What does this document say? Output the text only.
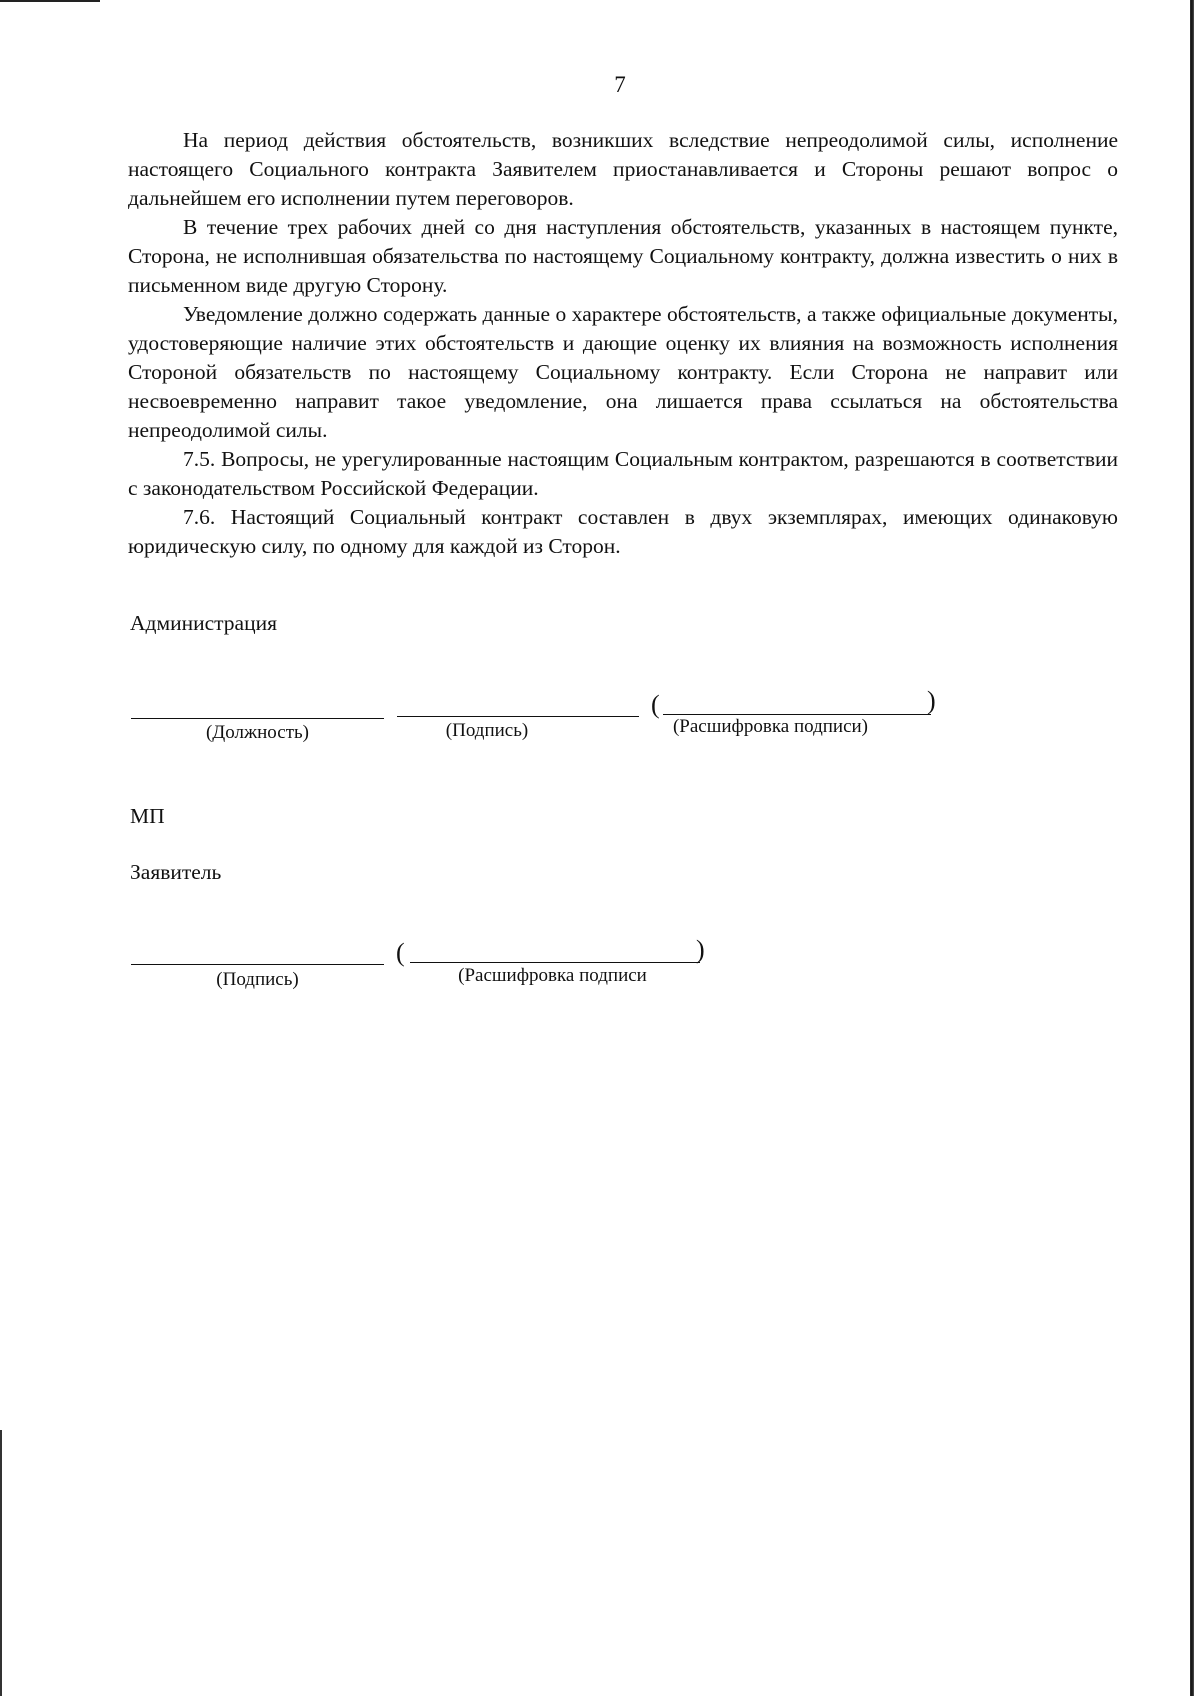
7

На период действия обстоятельств, возникших вследствие непреодолимой силы, исполнение настоящего Социального контракта Заявителем приостанавливается и Стороны решают вопрос о дальнейшем его исполнении путем переговоров.

В течение трех рабочих дней со дня наступления обстоятельств, указанных в настоящем пункте, Сторона, не исполнившая обязательства по настоящему Социальному контракту, должна известить о них в письменном виде другую Сторону.

Уведомление должно содержать данные о характере обстоятельств, а также официальные документы, удостоверяющие наличие этих обстоятельств и дающие оценку их влияния на возможность исполнения Стороной обязательств по настоящему Социальному контракту. Если Сторона не направит или несвоевременно направит такое уведомление, она лишается права ссылаться на обстоятельства непреодолимой силы.

7.5. Вопросы, не урегулированные настоящим Социальным контрактом, разрешаются в соответствии с законодательством Российской Федерации.

7.6. Настоящий Социальный контракт составлен в двух экземплярах, имеющих одинаковую юридическую силу, по одному для каждой из Сторон.

Администрация
(	)
(Должность)	(Подпись)	(Расшифровка подписи)
МП
Заявитель
(	)
(Подпись)	(Расшифровка подписи
